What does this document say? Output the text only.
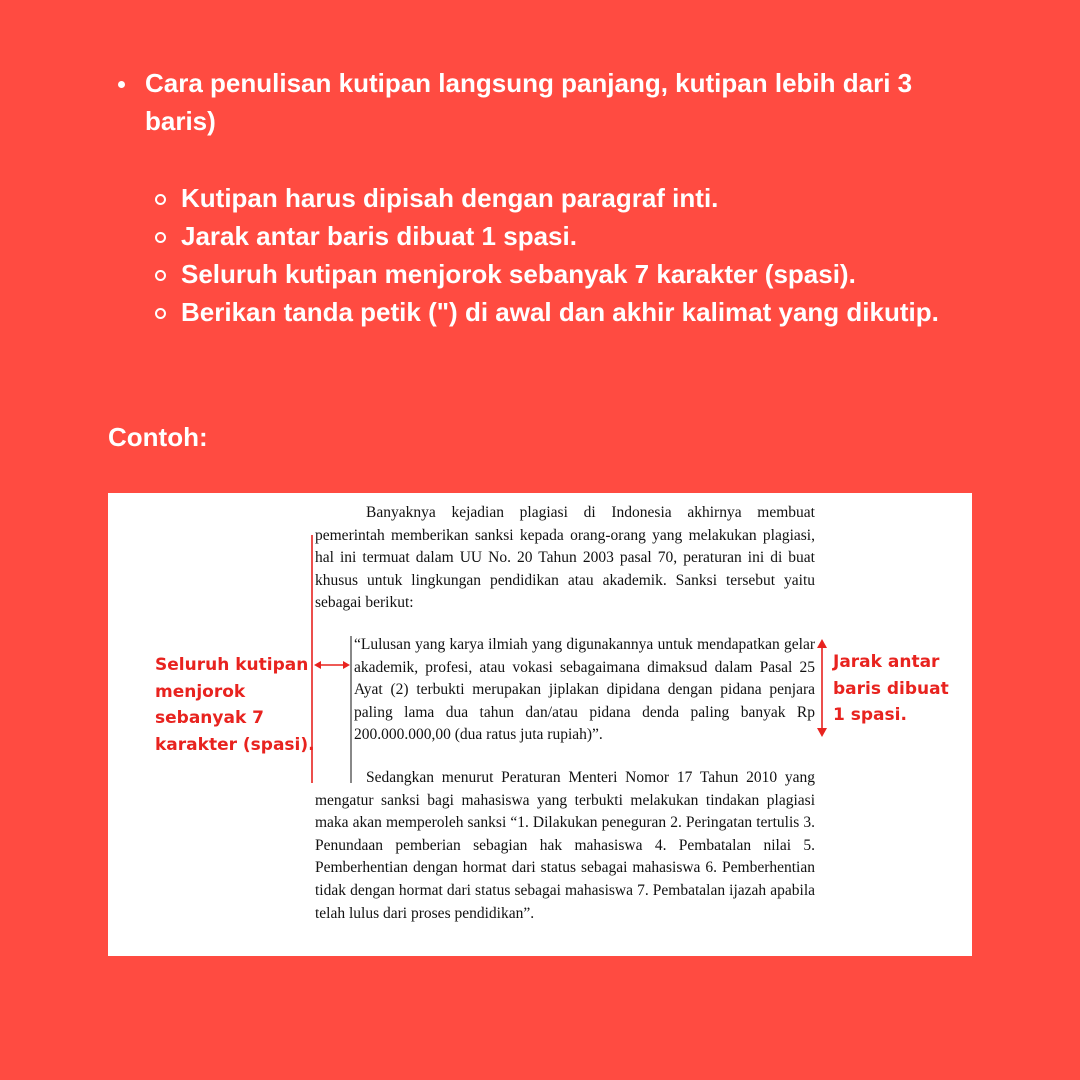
Cara penulisan kutipan langsung panjang, kutipan lebih dari 3 baris)
Kutipan harus dipisah dengan paragraf inti.
Jarak antar baris dibuat 1 spasi.
Seluruh kutipan menjorok sebanyak 7 karakter (spasi).
Berikan tanda petik (") di awal dan akhir kalimat yang dikutip.
Contoh:
Banyaknya kejadian plagiasi di Indonesia akhirnya membuat pemerintah memberikan sanksi kepada orang-orang yang melakukan plagiasi, hal ini termuat dalam UU No. 20 Tahun 2003 pasal 70, peraturan ini di buat khusus untuk lingkungan pendidikan atau akademik. Sanksi tersebut yaitu sebagai berikut:
“Lulusan yang karya ilmiah yang digunakannya untuk mendapatkan gelar akademik, profesi, atau vokasi sebagaimana dimaksud dalam Pasal 25 Ayat (2) terbukti merupakan jiplakan dipidana dengan pidana penjara paling lama dua tahun dan/atau pidana denda paling banyak Rp 200.000.000,00 (dua ratus juta rupiah)”.
Sedangkan menurut Peraturan Menteri Nomor 17 Tahun 2010 yang mengatur sanksi bagi mahasiswa yang terbukti melakukan tindakan plagiasi maka akan memperoleh sanksi “1. Dilakukan peneguran 2. Peringatan tertulis 3. Penundaan pemberian sebagian hak mahasiswa 4. Pembatalan nilai 5. Pemberhentian dengan hormat dari status sebagai mahasiswa 6. Pemberhentian tidak dengan hormat dari status sebagai mahasiswa 7. Pembatalan ijazah apabila telah lulus dari proses pendidikan”.
Seluruh kutipan menjorok sebanyak 7 karakter (spasi).
Jarak antar baris dibuat 1 spasi.
